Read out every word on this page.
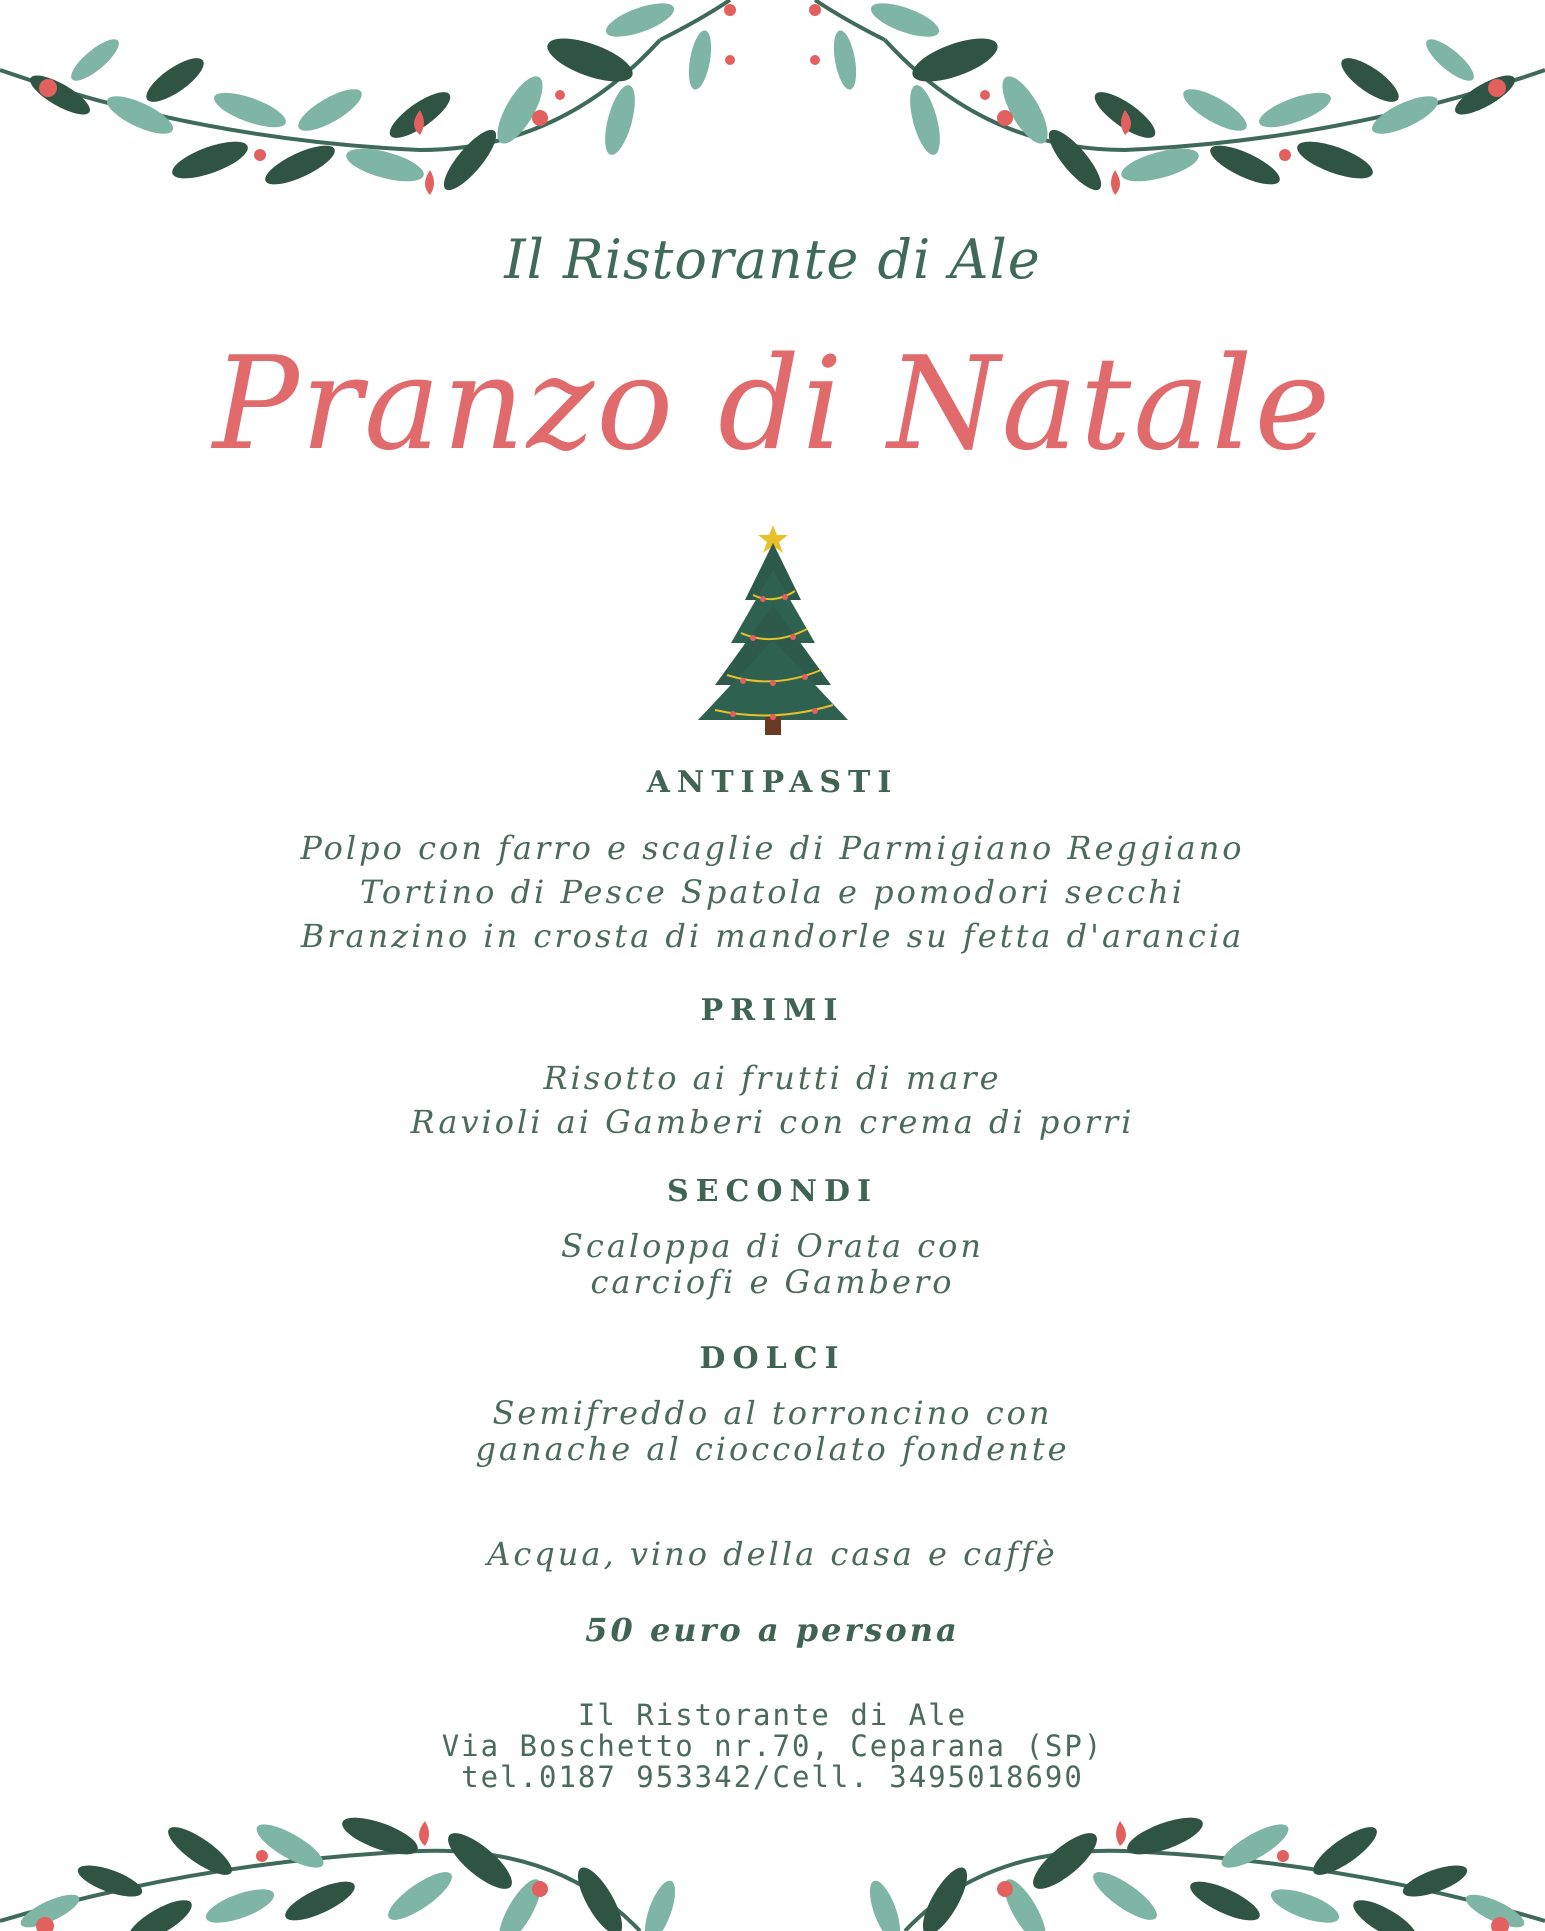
Il Ristorante di Ale
Pranzo di Natale
ANTIPASTI
Polpo con farro e scaglie di Parmigiano Reggiano
Tortino di Pesce Spatola e pomodori secchi
Branzino in crosta di mandorle su fetta d'arancia
PRIMI
Risotto ai frutti di mare
Ravioli ai Gamberi con crema di porri
SECONDI
Scaloppa di Orata con
carciofi e Gambero
DOLCI
Semifreddo al torroncino con
ganache al cioccolato fondente
Acqua, vino della casa e caffè
50 euro a persona
Il Ristorante di Ale
Via Boschetto nr.70, Ceparana (SP)
tel.0187 953342/Cell. 3495018690
